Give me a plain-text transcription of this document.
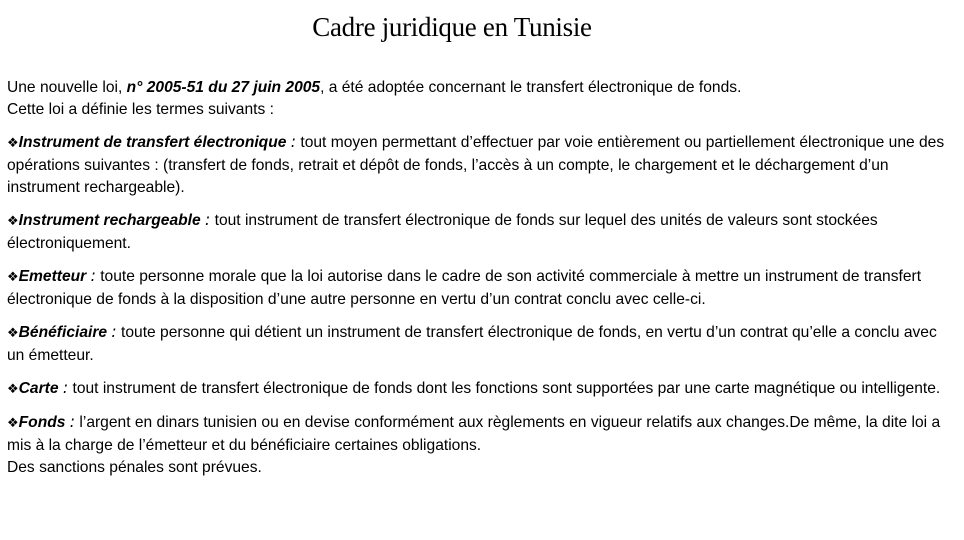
Cadre juridique en Tunisie

Une nouvelle loi, n° 2005-51 du 27 juin 2005, a été adoptée concernant le transfert électronique de fonds.
Cette loi a définie les termes suivants :

❖Instrument de transfert électronique : tout moyen permettant d’effectuer par voie entièrement ou partiellement électronique une des opérations suivantes : (transfert de fonds, retrait et dépôt de fonds, l’accès à un compte, le chargement et le déchargement d’un instrument rechargeable).

❖Instrument rechargeable : tout instrument de transfert électronique de fonds sur lequel des unités de valeurs sont stockées électroniquement.

❖Emetteur : toute personne morale que la loi autorise dans le cadre de son activité commerciale à mettre un instrument de transfert électronique de fonds à la disposition d’une autre personne en vertu d’un contrat conclu avec celle-ci.

❖Bénéficiaire : toute personne qui détient un instrument de transfert électronique de fonds, en vertu d’un contrat qu’elle a conclu avec un émetteur.

❖Carte : tout instrument de transfert électronique de fonds dont les fonctions sont supportées par une carte magnétique ou intelligente.

❖Fonds : l’argent en dinars tunisien ou en devise conformément aux règlements en vigueur relatifs aux changes.De même, la dite loi a mis à la charge de l’émetteur et du bénéficiaire certaines obligations.
Des sanctions pénales sont prévues.
